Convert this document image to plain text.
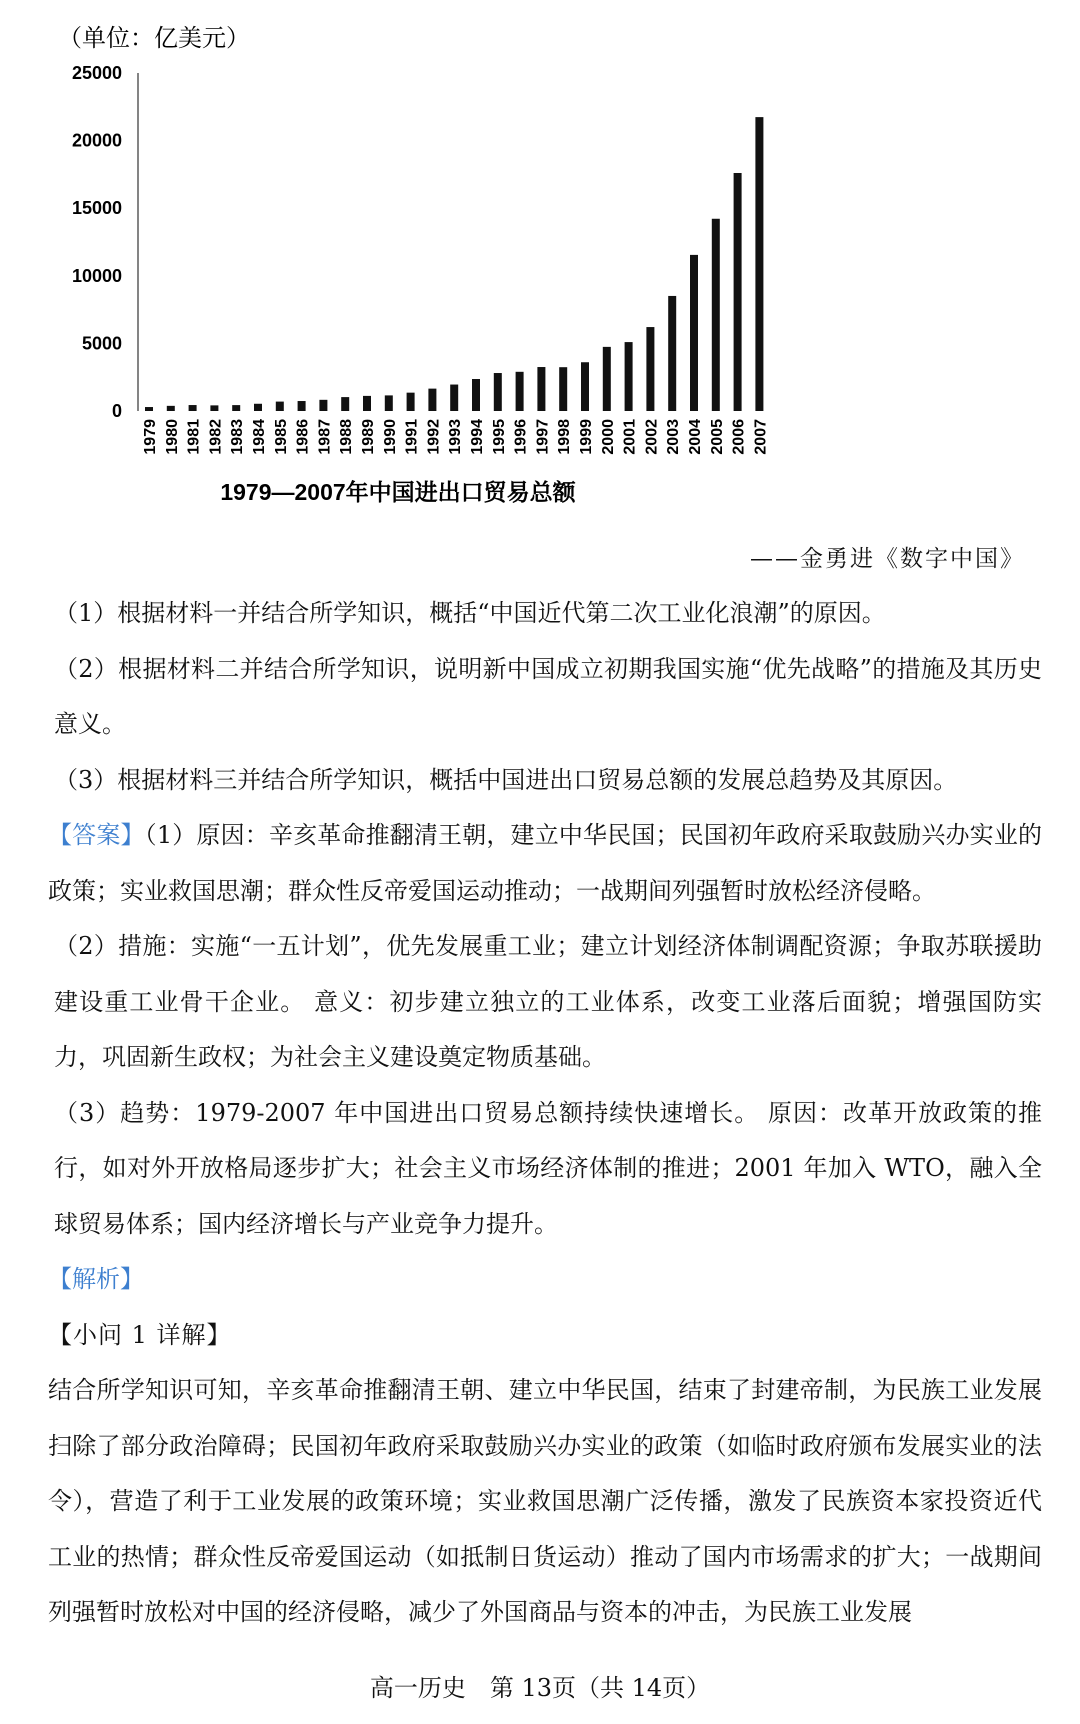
（单位：亿美元）
0
5000
10000
15000
20000
25000
1979 1980 1981 1982 1983 1984 1985 1986 1987 1988 1989 1990 1991 1992 1993 1994 1995 1996 1997 1998 1999 2000 2001 2002 2003 2004 2005 2006 2007
1979—2007年中国进出口贸易总额
——金勇进《数字中国》

（1）根据材料一并结合所学知识，概括“中国近代第二次工业化浪潮”的原因。

（2）根据材料二并结合所学知识，说明新中国成立初期我国实施“优先战略”的措施及其历史意义。

（3）根据材料三并结合所学知识，概括中国进出口贸易总额的发展总趋势及其原因。

【答案】（1）原因：辛亥革命推翻清王朝，建立中华民国；民国初年政府采取鼓励兴办实业的政策；实业救国思潮；群众性反帝爱国运动推动；一战期间列强暂时放松经济侵略。

（2）措施：实施“一五计划”，优先发展重工业；建立计划经济体制调配资源；争取苏联援助建设重工业骨干企业。 意义：初步建立独立的工业体系，改变工业落后面貌；增强国防实力，巩固新生政权；为社会主义建设奠定物质基础。

（3）趋势：1979-2007 年中国进出口贸易总额持续快速增长。 原因：改革开放政策的推行，如对外开放格局逐步扩大；社会主义市场经济体制的推进；2001 年加入 WTO，融入全球贸易体系；国内经济增长与产业竞争力提升。

【解析】

【小问 1 详解】

结合所学知识可知，辛亥革命推翻清王朝、建立中华民国，结束了封建帝制，为民族工业发展扫除了部分政治障碍；民国初年政府采取鼓励兴办实业的政策（如临时政府颁布发展实业的法令），营造了利于工业发展的政策环境；实业救国思潮广泛传播，激发了民族资本家投资近代工业的热情；群众性反帝爱国运动（如抵制日货运动）推动了国内市场需求的扩大；一战期间列强暂时放松对中国的经济侵略，减少了外国商品与资本的冲击，为民族工业发展

高一历史　第 13页（共 14页）
